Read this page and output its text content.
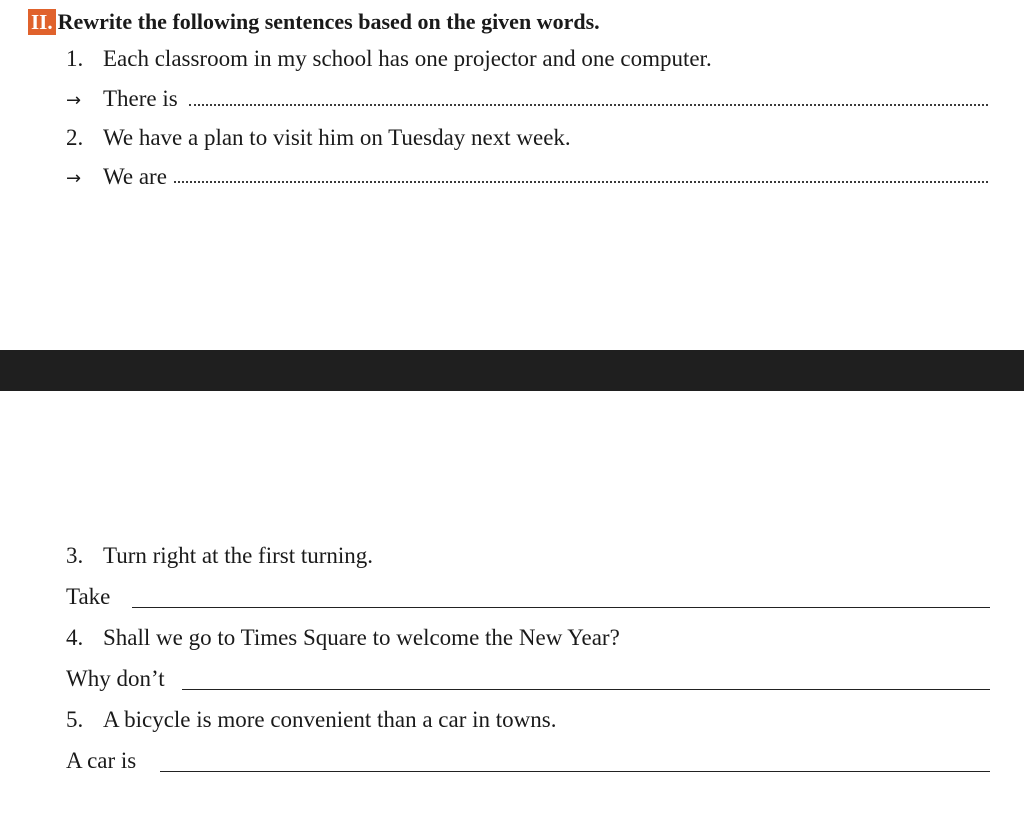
II. Rewrite the following sentences based on the given words.
1. Each classroom in my school has one projector and one computer.
→ There is
2. We have a plan to visit him on Tuesday next week.
→ We are
3. Turn right at the first turning.
Take
4. Shall we go to Times Square to welcome the New Year?
Why don’t
5. A bicycle is more convenient than a car in towns.
A car is
